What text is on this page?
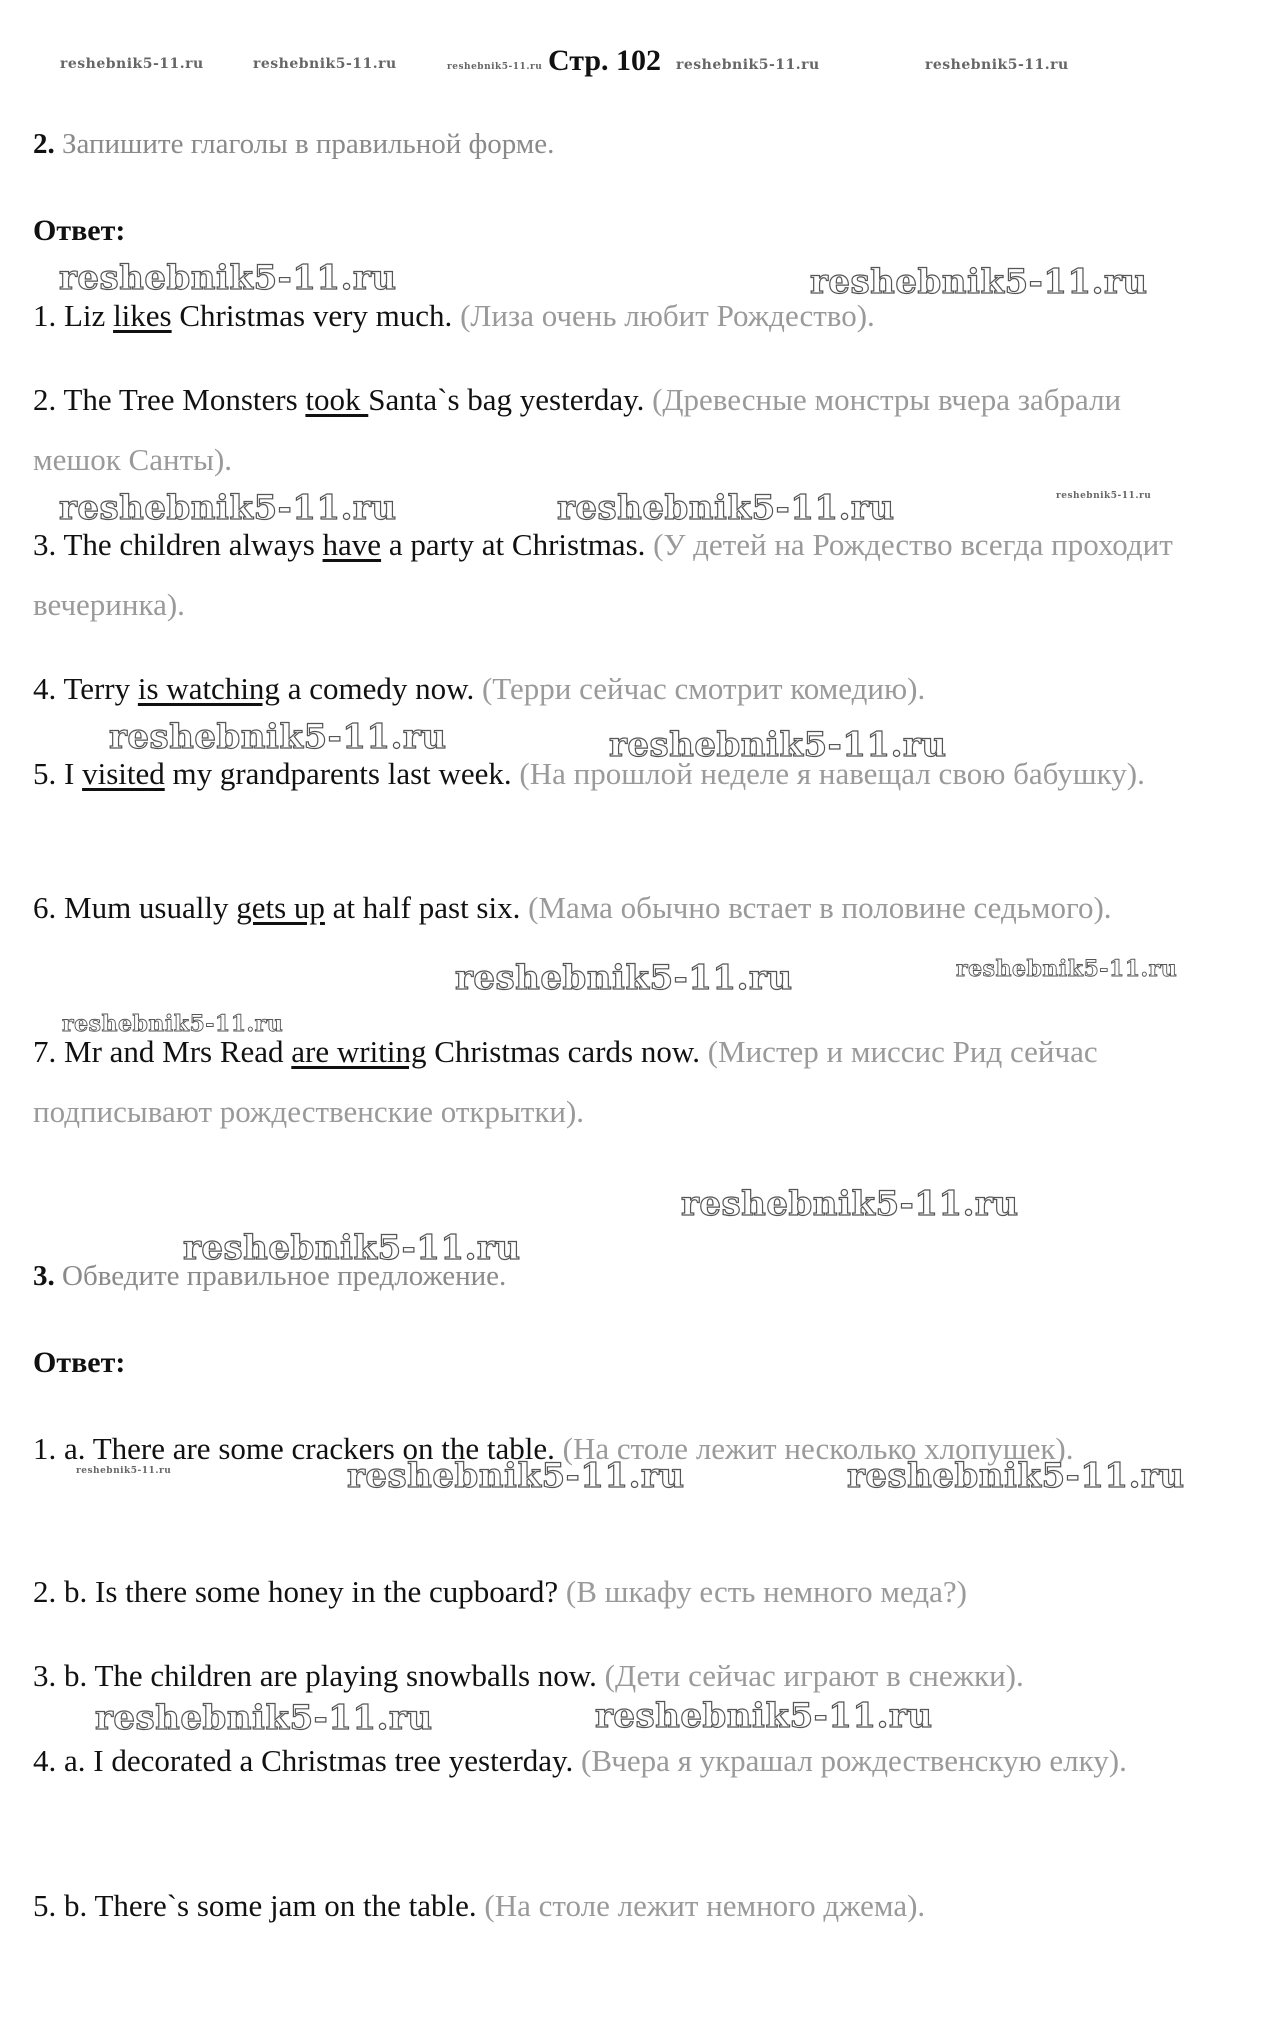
reshebnik5-11.ru	reshebnik5-11.ru	reshebnik5-11.ru Стр. 102 reshebnik5-11.ru	reshebnik5-11.ru
2. Запишите глаголы в правильной форме.
Ответ:
reshebnik5-11.ru	reshebnik5-11.ru
1. Liz likes Christmas very much. (Лиза очень любит Рождество).
2. The Tree Monsters took Santa`s bag yesterday. (Древесные монстры вчера забрали мешок Санты).
reshebnik5-11.ru	reshebnik5-11.ru	reshebnik5-11.ru
3. The children always have a party at Christmas. (У детей на Рождество всегда проходит вечеринка).
4. Terry is watching a comedy now. (Терри сейчас смотрит комедию).
reshebnik5-11.ru	reshebnik5-11.ru
5. I visited my grandparents last week. (На прошлой неделе я навещал свою бабушку).
6. Mum usually gets up at half past six. (Мама обычно встает в половине седьмого).
reshebnik5-11.ru	reshebnik5-11.ru
reshebnik5-11.ru
7. Mr and Mrs Read are writing Christmas cards now. (Мистер и миссис Рид сейчас подписывают рождественские открытки).
reshebnik5-11.ru
reshebnik5-11.ru
3. Обведите правильное предложение.
Ответ:
1. a. There are some crackers on the table. (На столе лежит несколько хлопушек).
reshebnik5-11.ru	reshebnik5-11.ru	reshebnik5-11.ru
2. b. Is there some honey in the cupboard? (В шкафу есть немного меда?)
3. b. The children are playing snowballs now. (Дети сейчас играют в снежки).
reshebnik5-11.ru	reshebnik5-11.ru
4. a. I decorated a Christmas tree yesterday. (Вчера я украшал рождественскую елку).
5. b. There`s some jam on the table. (На столе лежит немного джема).
